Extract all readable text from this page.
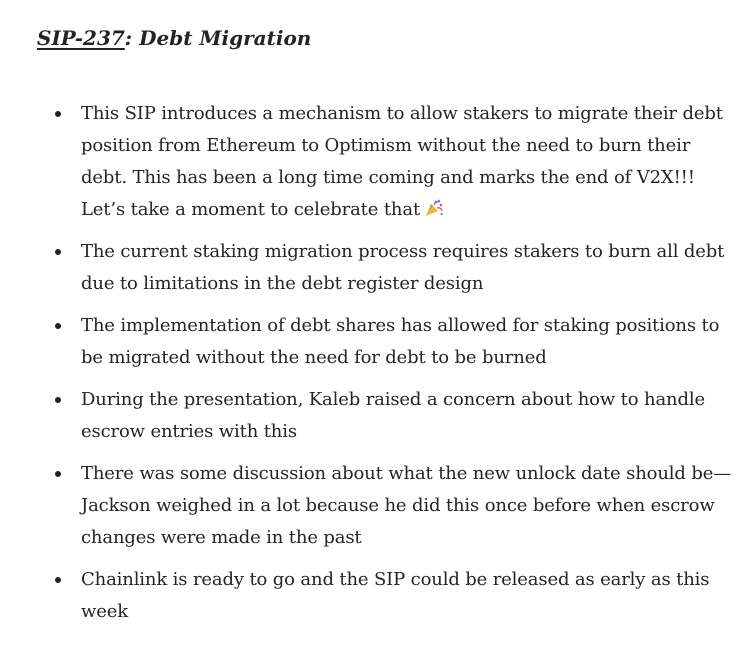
SIP-237: Debt Migration
This SIP introduces a mechanism to allow stakers to migrate their debt position from Ethereum to Optimism without the need to burn their debt. This has been a long time coming and marks the end of V2X!!! Let’s take a moment to celebrate that
The current staking migration process requires stakers to burn all debt due to limitations in the debt register design
The implementation of debt shares has allowed for staking positions to be migrated without the need for debt to be burned
During the presentation, Kaleb raised a concern about how to handle escrow entries with this
There was some discussion about what the new unlock date should be—Jackson weighed in a lot because he did this once before when escrow changes were made in the past
Chainlink is ready to go and the SIP could be released as early as this week
